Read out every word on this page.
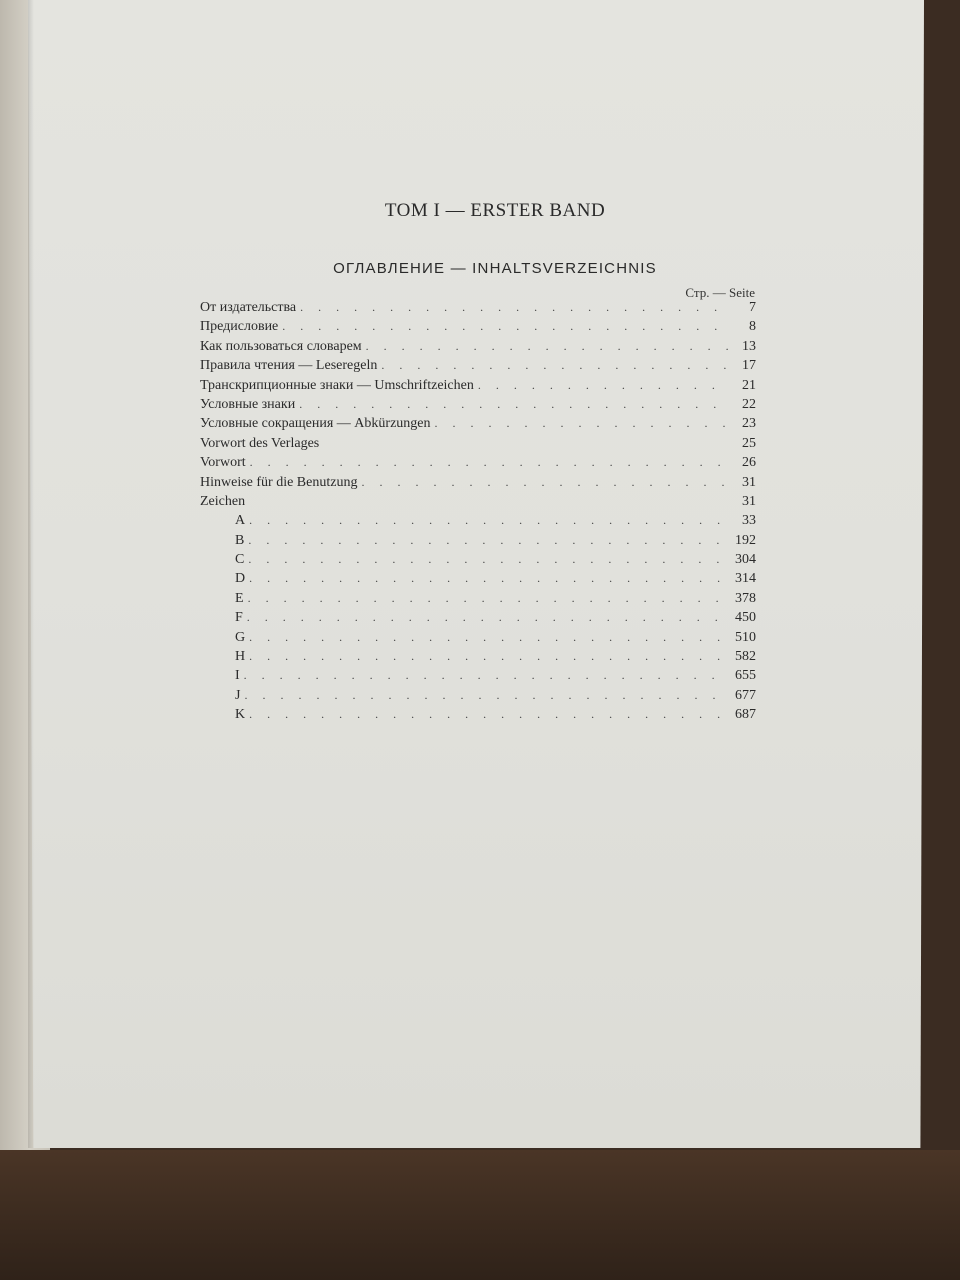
ТОМ I — ERSTER BAND
ОГЛАВЛЕНИЕ — INHALTSVERZEICHNIS
Стр. — Seite
От издательства . . .	7
Предисловие . . .	8
Как пользоваться словарем . . .	13
Правила чтения — Leseregeln . . .	17
Транскрипционные знаки — Umschriftzeichen . . .	21
Условные знаки . . .	22
Условные сокращения — Abkürzungen . . .	23
Vorwort des Verlages	25
Vorwort . . .	26
Hinweise für die Benutzung . . .	31
Zeichen	31
A . . .	33
B . . .	192
C . . .	304
D . . .	314
E . . .	378
F . . .	450
G . . .	510
H . . .	582
I . . .	655
J . . .	677
K . . .	687
